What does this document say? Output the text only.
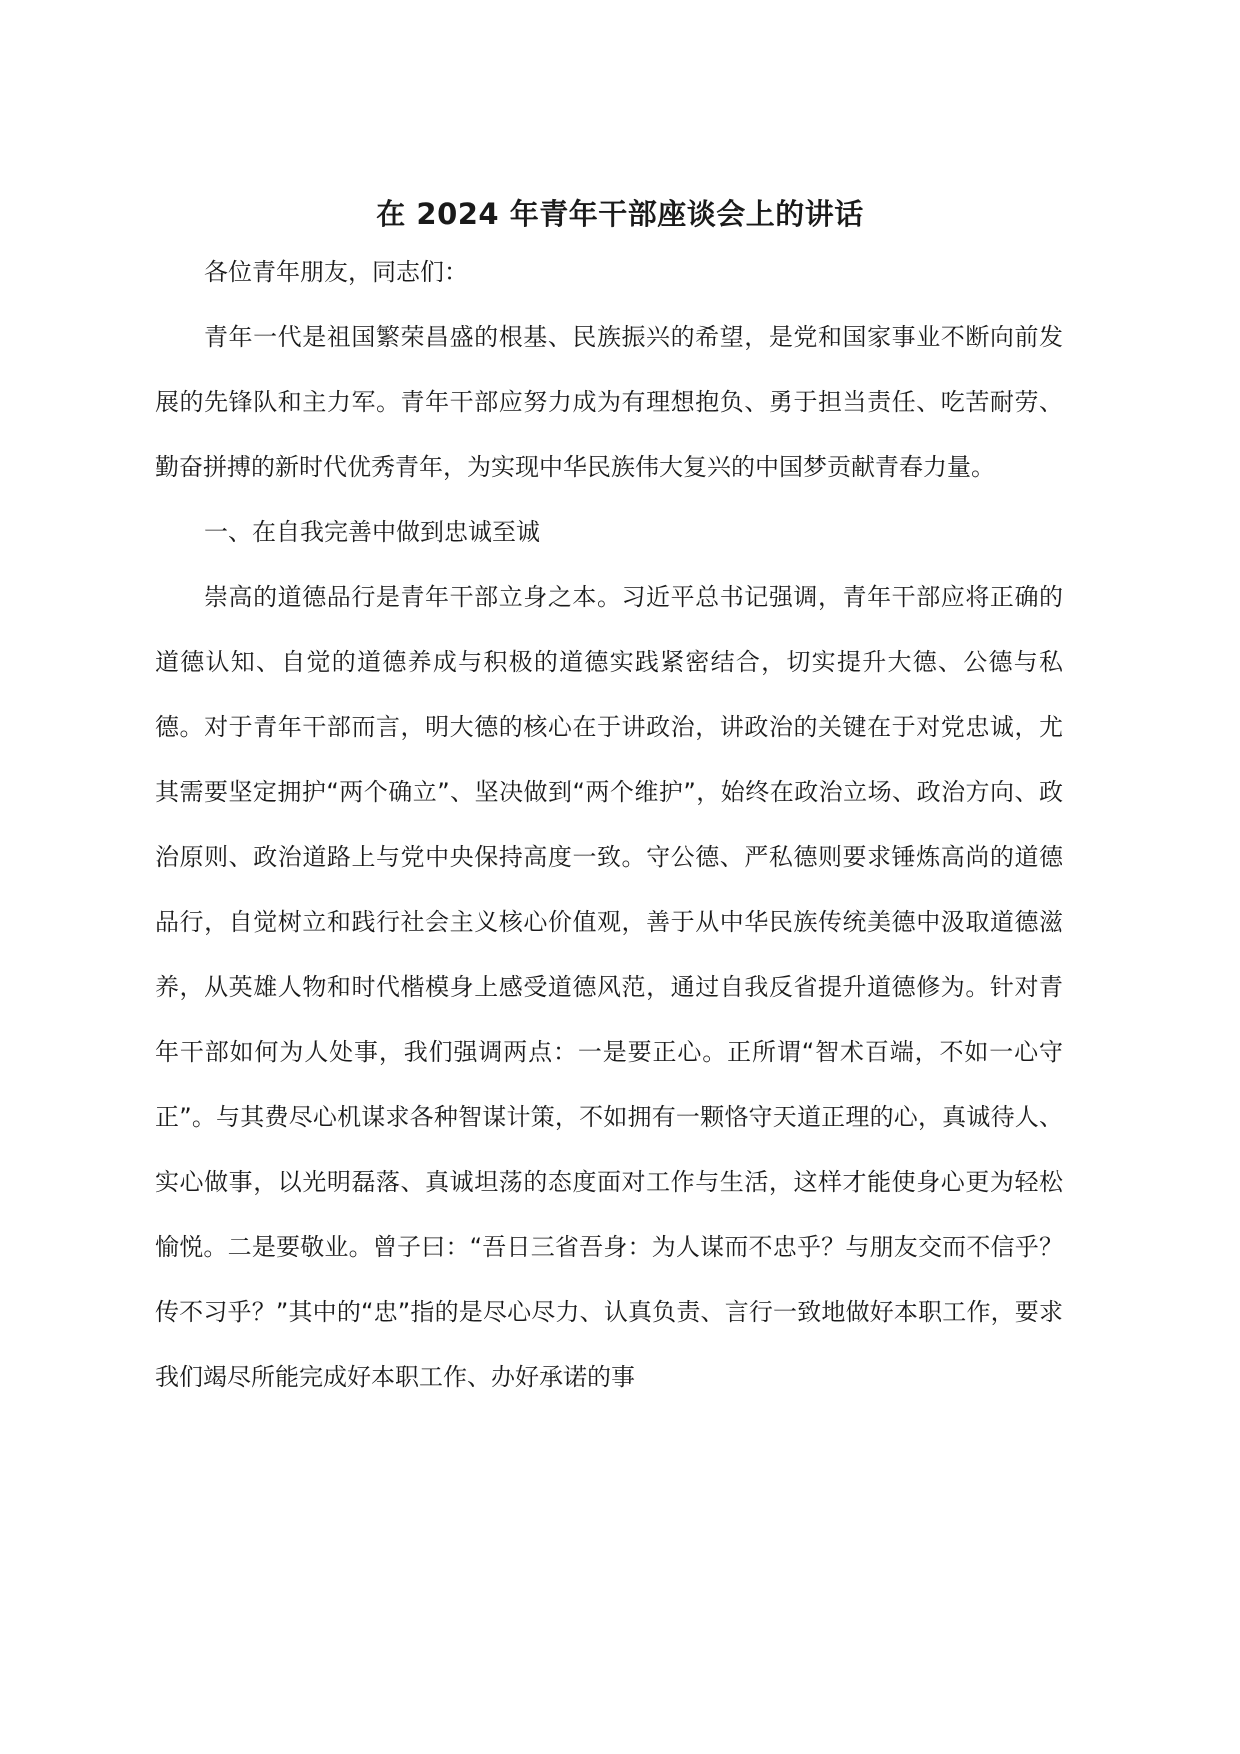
在 2024 年青年干部座谈会上的讲话

各位青年朋友，同志们：

青年一代是祖国繁荣昌盛的根基、民族振兴的希望，是党和国家事业不断向前发展的先锋队和主力军。青年干部应努力成为有理想抱负、勇于担当责任、吃苦耐劳、勤奋拼搏的新时代优秀青年，为实现中华民族伟大复兴的中国梦贡献青春力量。

一、在自我完善中做到忠诚至诚

崇高的道德品行是青年干部立身之本。习近平总书记强调，青年干部应将正确的道德认知、自觉的道德养成与积极的道德实践紧密结合，切实提升大德、公德与私德。对于青年干部而言，明大德的核心在于讲政治，讲政治的关键在于对党忠诚，尤其需要坚定拥护“两个确立”、坚决做到“两个维护”，始终在政治立场、政治方向、政治原则、政治道路上与党中央保持高度一致。守公德、严私德则要求锤炼高尚的道德品行，自觉树立和践行社会主义核心价值观，善于从中华民族传统美德中汲取道德滋养，从英雄人物和时代楷模身上感受道德风范，通过自我反省提升道德修为。针对青年干部如何为人处事，我们强调两点：一是要正心。正所谓“智术百端，不如一心守正”。与其费尽心机谋求各种智谋计策，不如拥有一颗恪守天道正理的心，真诚待人、实心做事，以光明磊落、真诚坦荡的态度面对工作与生活，这样才能使身心更为轻松愉悦。二是要敬业。曾子曰：“吾日三省吾身：为人谋而不忠乎？与朋友交而不信乎？传不习乎？”其中的“忠”指的是尽心尽力、认真负责、言行一致地做好本职工作，要求我们竭尽所能完成好本职工作、办好承诺的事
